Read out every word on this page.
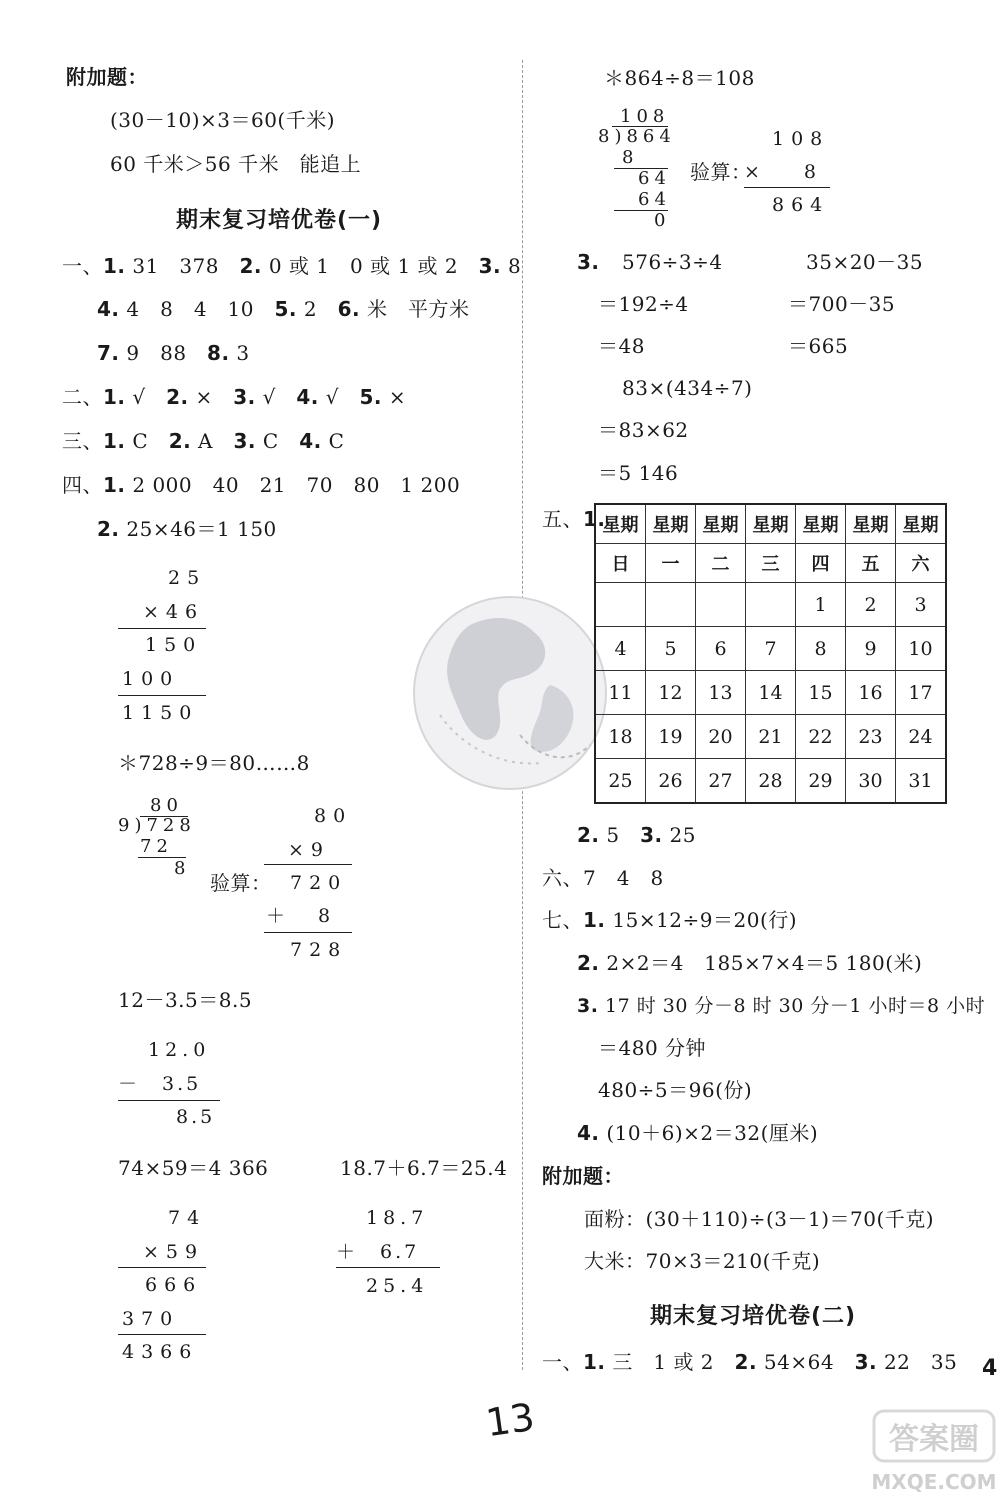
附加题：
(30－10)×3＝60(千米)
60 千米＞56 千米　能追上
期末复习培优卷(一)
一、1. 31　378　2. 0 或 1　0 或 1 或 2　3. 8
4. 4　8　4　10　5. 2　6. 米　平方米
7. 9　88　8. 3
二、1. √　2. ×　3. √　4. √　5. ×
三、1. C　2. A　3. C　4. C
四、1. 2 000　40　21　70　80　1 200
2. 25×46＝1 150
25
×46
150
100
1150
＊728÷9＝80……8
80
9)728
72
8
验算：
80
×9
720
＋　8
728
12－3.5＝8.5
12.0
－　3.5
8.5
74×59＝4 366
74
×59
666
370
4366
18.7＋6.7＝25.4
18.7
＋　6.7
25.4
＊864÷8＝108
108
8)864
8
64
64
0
验算：
108
×　　8
864
3. 576÷3÷4
＝192÷4
＝48
35×20－35
＝700－35
＝665
83×(434÷7)
＝83×62
＝5 146
五、1.
星期	星期	星期	星期	星期	星期	星期
日	一	二	三	四	五	六
				1	2	3
4	5	6	7	8	9	10
11	12	13	14	15	16	17
18	19	20	21	22	23	24
25	26	27	28	29	30	31
2. 5　3. 25
六、7　4　8
七、1. 15×12÷9＝20(行)
2. 2×2＝4　185×7×4＝5 180(米)
3. 17 时 30 分－8 时 30 分－1 小时＝8 小时
＝480 分钟
480÷5＝96(份)
4. (10＋6)×2＝32(厘米)
附加题：
面粉：(30＋110)÷(3－1)＝70(千克)
大米：70×3＝210(千克)
期末复习培优卷(二)
一、1. 三　1 或 2　2. 54×64　3. 22　35 4
13	答案圈
MXQE.COM
